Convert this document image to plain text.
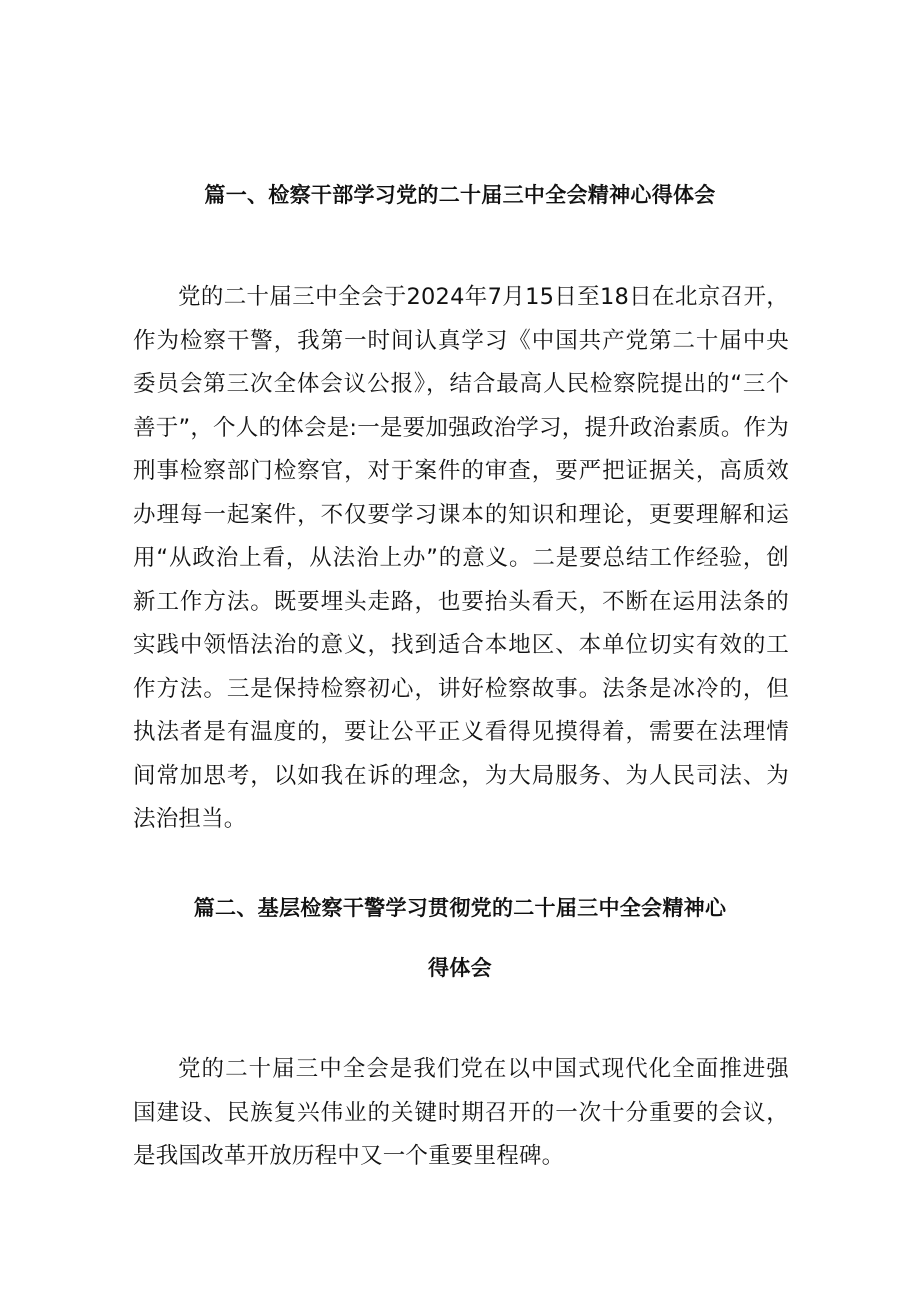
篇一、检察干部学习党的二十届三中全会精神心得体会

党的二十届三中全会于2024年7月15日至18日在北京召开，作为检察干警，我第一时间认真学习《中国共产党第二十届中央委员会第三次全体会议公报》，结合最高人民检察院提出的“三个善于”，个人的体会是:一是要加强政治学习，提升政治素质。作为刑事检察部门检察官，对于案件的审查，要严把证据关，高质效办理每一起案件，不仅要学习课本的知识和理论，更要理解和运用“从政治上看，从法治上办”的意义。二是要总结工作经验，创新工作方法。既要埋头走路，也要抬头看天，不断在运用法条的实践中领悟法治的意义，找到适合本地区、本单位切实有效的工作方法。三是保持检察初心，讲好检察故事。法条是冰冷的，但执法者是有温度的，要让公平正义看得见摸得着，需要在法理情间常加思考，以如我在诉的理念，为大局服务、为人民司法、为法治担当。

篇二、基层检察干警学习贯彻党的二十届三中全会精神心
得体会

党的二十届三中全会是我们党在以中国式现代化全面推进强国建设、民族复兴伟业的关键时期召开的一次十分重要的会议，是我国改革开放历程中又一个重要里程碑。
